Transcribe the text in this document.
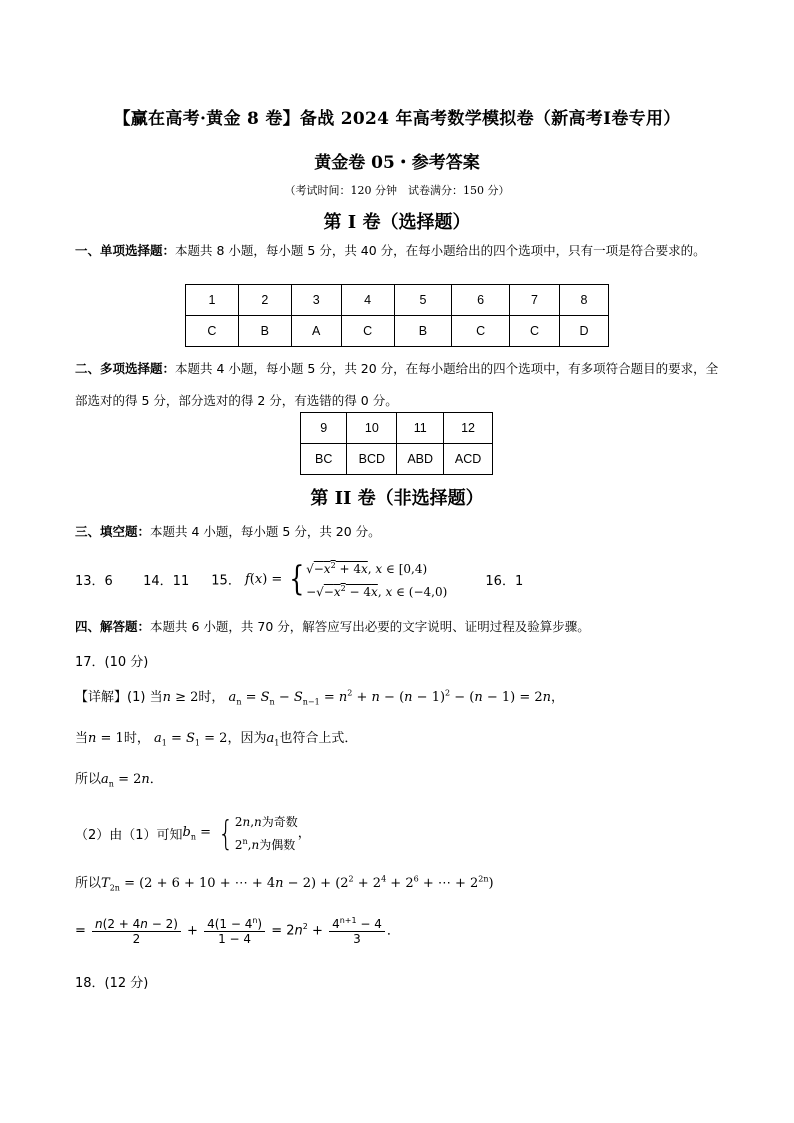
【赢在高考·黄金 8 卷】备战 2024 年高考数学模拟卷（新高考Ⅰ卷专用）
黄金卷 05・参考答案
（考试时间：120 分钟　试卷满分：150 分）
第 I 卷（选择题）
一、单项选择题：本题共 8 小题，每小题 5 分，共 40 分，在每小题给出的四个选项中，只有一项是符合要求的。
1	2	3	4	5	6	7	8
C	B	A	C	B	C	C	D
二、多项选择题：本题共 4 小题，每小题 5 分，共 20 分，在每小题给出的四个选项中，有多项符合题目的要求，全部选对的得 5 分，部分选对的得 2 分，有选错的得 0 分。
9	10	11	12
BC	BCD	ABD	ACD
第 II 卷（非选择题）
三、填空题：本题共 4 小题，每小题 5 分，共 20 分。
13．6 14．11 15． $f(x) = \{√-x^2 + 4x$, x ∈ [0,4)
$-√-x^2 - 4x$, x ∈ (−4,0) 16．1
四、解答题：本题共 6 小题，共 70 分，解答应写出必要的文字说明、证明过程及验算步骤。
17．(10 分)
【详解】(1) 当n ≥ 2时， $a_n = S_n - S_{n-1} = n^2 + n - (n - 1)^2 - (n - 1) = 2n$，
当n = 1时， $a_1 = S_1 = 2$，因为$a_1$也符合上式．
所以$a_n = 2n$．
（2）由（1）可知$b_n = \{2n,n$为奇数
2$^n$,n为偶数，
所以$T_{2n} = (2 + 6 + 10$ + ⋯ + $4n - 2) + (2^2 + 2^4 + 2^6$ + ⋯ + $2^{2n}$)
= $\frac{n(2 + 4n - 2)}{2} + \frac{4(1 - 4^n)}{1 - 4} = 2n^2 + \frac{4^{n+1} - 4}{3}$ ．
18．(12 分)
